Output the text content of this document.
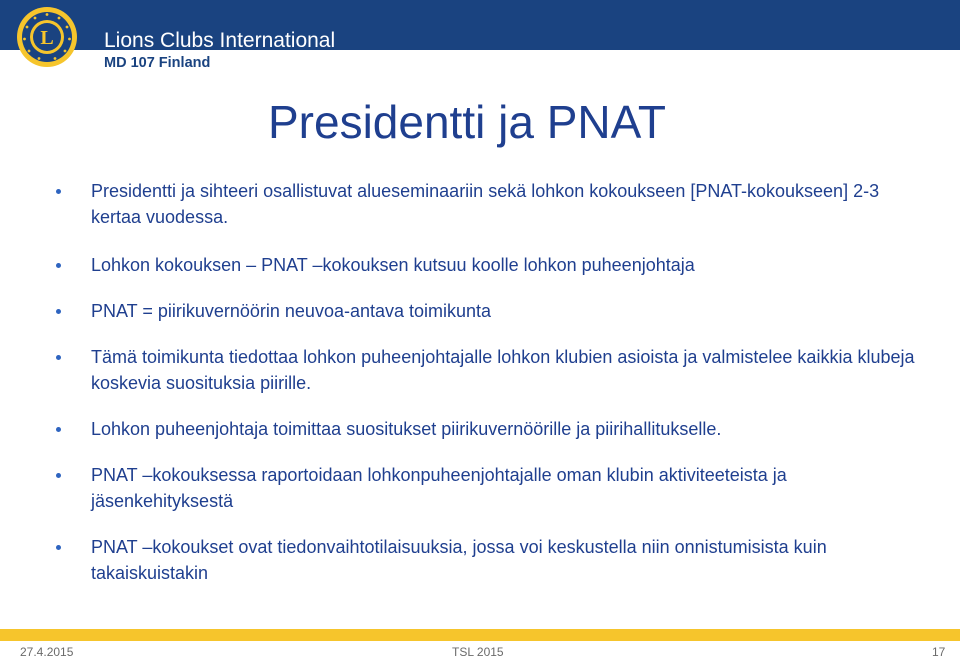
L Lions Clubs International
MD 107 Finland
Presidentti ja PNAT
Presidentti ja sihteeri osallistuvat alueseminaariin sekä lohkon kokoukseen [PNAT-kokoukseen] 2-3 kertaa vuodessa.
Lohkon kokouksen – PNAT –kokouksen kutsuu koolle lohkon puheenjohtaja
PNAT = piirikuvernöörin neuvoa-antava toimikunta
Tämä toimikunta tiedottaa lohkon puheenjohtajalle lohkon klubien asioista ja valmistelee kaikkia klubeja koskevia suosituksia piirille.
Lohkon puheenjohtaja toimittaa suositukset piirikuvernöörille ja piirihallitukselle.
PNAT –kokouksessa raportoidaan lohkonpuheenjohtajalle oman klubin aktiviteeteista ja jäsenkehityksestä
PNAT –kokoukset ovat tiedonvaihtotilaisuuksia, jossa voi keskustella niin onnistumisista kuin takaiskuistakin
27.4.2015	TSL 2015	17
